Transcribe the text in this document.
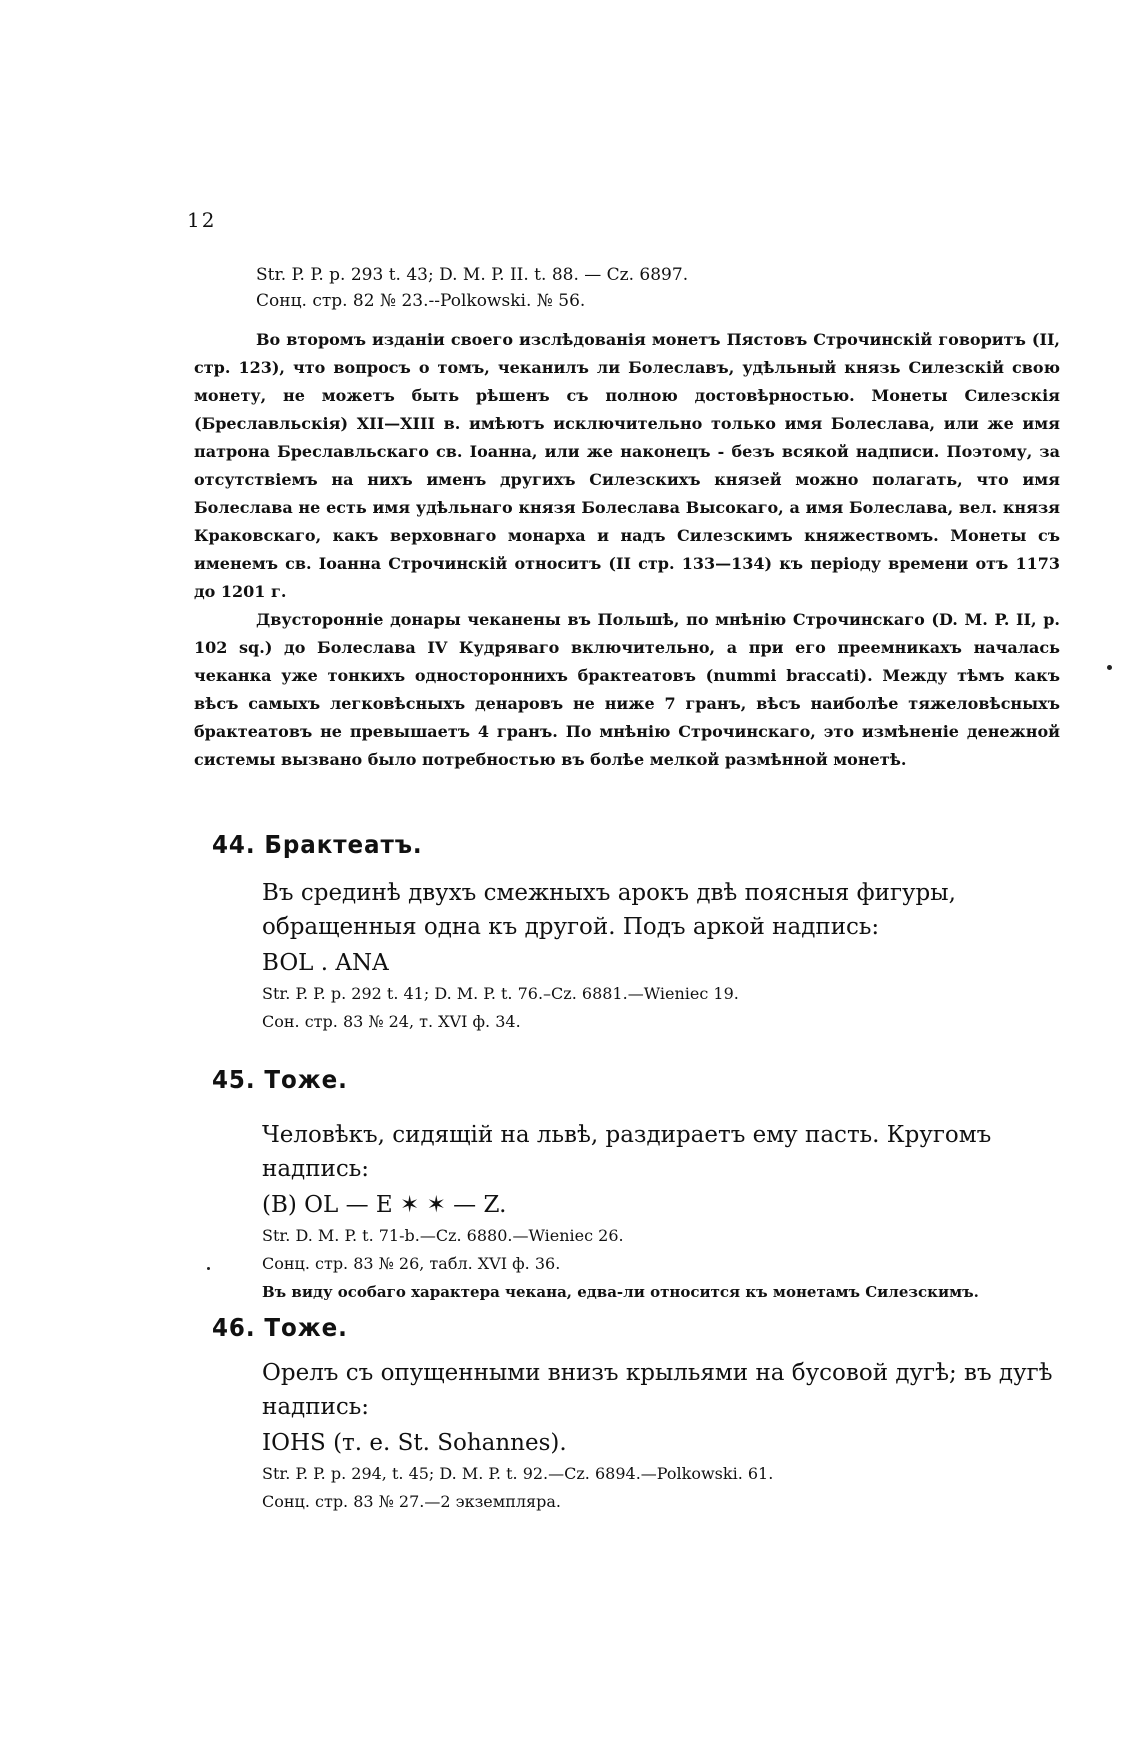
12
Str. P. P. p. 293 t. 43; D. M. P. II. t. 88. — Cz. 6897.
Сонц. стр. 82 № 23.--Polkowski. № 56.

Во второмъ изданіи своего изслѣдованія монетъ Пястовъ Строчинскій говоритъ (II, стр. 123), что вопросъ о томъ, чеканилъ ли Болеславъ, удѣльный князь Силезскій свою монету, не можетъ быть рѣшенъ съ полною достовѣрностью. Монеты Силезскія (Бреславльскія) XII—XIII в. имѣютъ исключительно только имя Болеслава, или же имя патрона Бреславльскаго св. Іоанна, или же наконецъ - безъ всякой надписи. Поэтому, за отсутствіемъ на нихъ именъ другихъ Силезскихъ князей можно полагать, что имя Болеслава не есть имя удѣльнаго князя Болеслава Высокаго, а имя Болеслава, вел. князя Краковскаго, какъ верховнаго монарха и надъ Силезскимъ княжествомъ. Монеты съ именемъ св. Іоанна Строчинскій относитъ (II стр. 133—134) къ періоду времени отъ 1173 до 1201 г.

Двусторонніе донары чеканены въ Польшѣ, по мнѣнію Строчинскаго (D. M. P. II, p. 102 sq.) до Болеслава IV Кудряваго включительно, а при его преемникахъ началась чеканка уже тонкихъ одностороннихъ брактеатовъ (nummi braccati). Между тѣмъ какъ вѣсъ самыхъ легковѣсныхъ денаровъ не ниже 7 гранъ, вѣсъ наиболѣе тяжеловѣсныхъ брактеатовъ не превышаетъ 4 гранъ. По мнѣнію Строчинскаго, это измѣненіе денежной системы вызвано было потребностью въ болѣе мелкой размѣнной монетѣ.

44. Брактеатъ.
Въ срединѣ двухъ смежныхъ арокъ двѣ поясныя фигуры, обращенныя одна къ другой. Подъ аркой надпись:
BOL . ANA
Str. P. P. p. 292 t. 41; D. M. P. t. 76.–Cz. 6881.—Wieniec 19.
Сон. стр. 83 № 24, т. XVI ф. 34.
45. Тоже.
Человѣкъ, сидящій на львѣ, раздираетъ ему пасть. Кругомъ надпись:
(B) OL — E ✶ ✶ — Z.
Str. D. M. P. t. 71-b.—Cz. 6880.—Wieniec 26.
Сонц. стр. 83 № 26, табл. XVI ф. 36.
Въ виду особаго характера чекана, едва-ли относится къ монетамъ Силезскимъ.
46. Тоже.
Орелъ съ опущенными внизъ крыльями на бусовой дугѣ; въ дугѣ надпись:
IOHS (т. е. St. Sohannes).
Str. P. P. p. 294, t. 45; D. M. P. t. 92.—Cz. 6894.—Polkowski. 61.
Сонц. стр. 83 № 27.—2 экземпляра.
